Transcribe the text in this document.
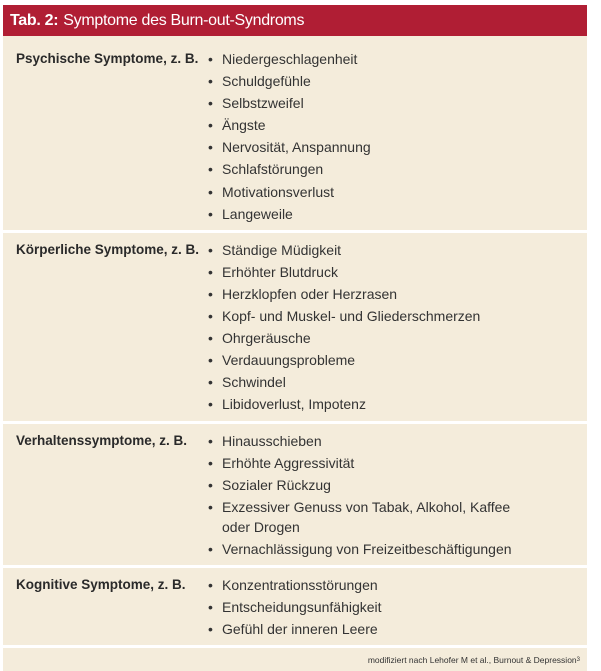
Tab. 2: Symptome des Burn-out-Syndroms
Psychische Symptome, z. B.	• Niedergeschlagenheit
• Schuldgefühle
• Selbstzweifel
• Ängste
• Nervosität, Anspannung
• Schlafstörungen
• Motivationsverlust
• Langeweile
Körperliche Symptome, z. B.	• Ständige Müdigkeit
• Erhöhter Blutdruck
• Herzklopfen oder Herzrasen
• Kopf- und Muskel- und Gliederschmerzen
• Ohrgeräusche
• Verdauungsprobleme
• Schwindel
• Libidoverlust, Impotenz
Verhaltenssymptome, z. B.	• Hinausschieben
• Erhöhte Aggressivität
• Sozialer Rückzug
• Exzessiver Genuss von Tabak, Alkohol, Kaffee oder Drogen
• Vernachlässigung von Freizeitbeschäftigungen
Kognitive Symptome, z. B.	• Konzentrationsstörungen
• Entscheidungsunfähigkeit
• Gefühl der inneren Leere
modifiziert nach Lehofer M et al., Burnout & Depression 3
